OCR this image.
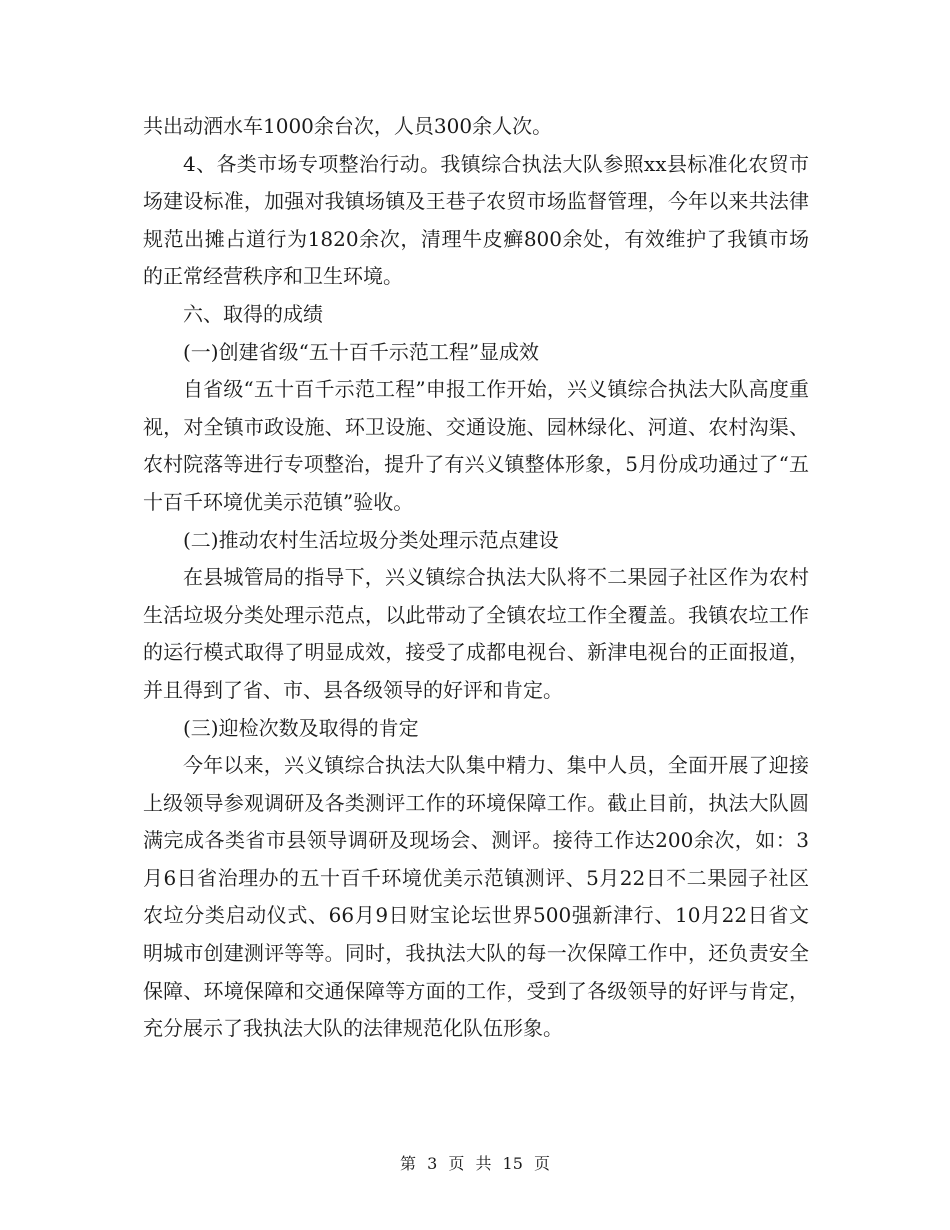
共出动洒水车1000余台次，人员300余人次。

4、各类市场专项整治行动。我镇综合执法大队参照xx县标准化农贸市场建设标准，加强对我镇场镇及王巷子农贸市场监督管理，今年以来共法律规范出摊占道行为1820余次，清理牛皮癣800余处，有效维护了我镇市场的正常经营秩序和卫生环境。

六、取得的成绩

(一)创建省级“五十百千示范工程”显成效

自省级“五十百千示范工程”申报工作开始，兴义镇综合执法大队高度重视，对全镇市政设施、环卫设施、交通设施、园林绿化、河道、农村沟渠、农村院落等进行专项整治，提升了有兴义镇整体形象，5月份成功通过了“五十百千环境优美示范镇”验收。

(二)推动农村生活垃圾分类处理示范点建设

在县城管局的指导下，兴义镇综合执法大队将不二果园子社区作为农村生活垃圾分类处理示范点，以此带动了全镇农垃工作全覆盖。我镇农垃工作的运行模式取得了明显成效，接受了成都电视台、新津电视台的正面报道，并且得到了省、市、县各级领导的好评和肯定。

(三)迎检次数及取得的肯定

今年以来，兴义镇综合执法大队集中精力、集中人员，全面开展了迎接上级领导参观调研及各类测评工作的环境保障工作。截止目前，执法大队圆满完成各类省市县领导调研及现场会、测评。接待工作达200余次，如：3月6日省治理办的五十百千环境优美示范镇测评、5月22日不二果园子社区农垃分类启动仪式、66月9日财宝论坛世界500强新津行、10月22日省文明城市创建测评等等。同时，我执法大队的每一次保障工作中，还负责安全保障、环境保障和交通保障等方面的工作，受到了各级领导的好评与肯定，充分展示了我执法大队的法律规范化队伍形象。

第 3 页 共 15 页
